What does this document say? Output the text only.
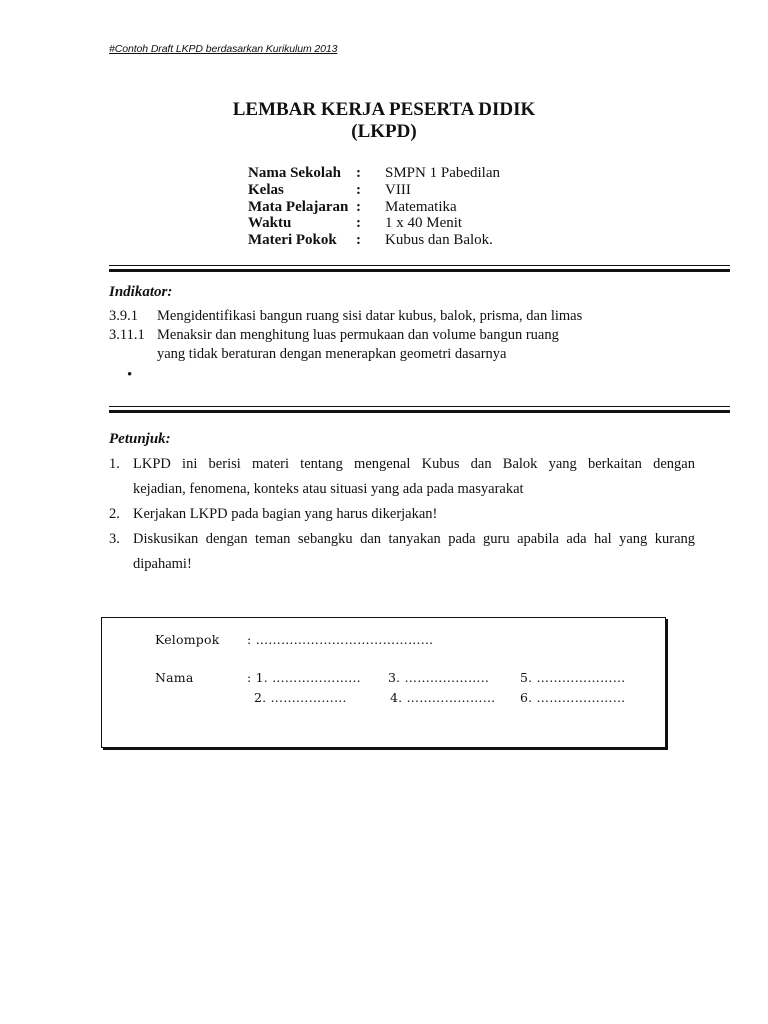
#Contoh Draft LKPD berdasarkan Kurikulum 2013
LEMBAR KERJA PESERTA DIDIK
(LKPD)
Nama Sekolah : SMPN 1 Pabedilan
Kelas	: VIII
Mata Pelajaran : Matematika
Waktu	: 1 x 40 Menit
Materi Pokok : Kubus dan Balok.
Indikator:
3.9.1 Mengidentifikasi bangun ruang sisi datar kubus, balok, prisma, dan limas
3.11.1 Menaksir dan menghitung luas permukaan dan volume bangun ruang
yang tidak beraturan dengan menerapkan geometri dasarnya
•
Petunjuk:
1. LKPD ini berisi materi tentang mengenal Kubus dan Balok yang berkaitan dengan
kejadian, fenomena, konteks atau situasi yang ada pada masyarakat
2. Kerjakan LKPD pada bagian yang harus dikerjakan!
3. Diskusikan dengan teman sebangku dan tanyakan pada guru apabila ada hal yang kurang
dipahami!
Kelompok : ……………………………………
Nama	: 1. ………………... 3. ……………….. 5. …………………
2. ………………	4. ………………… 6. …………………
